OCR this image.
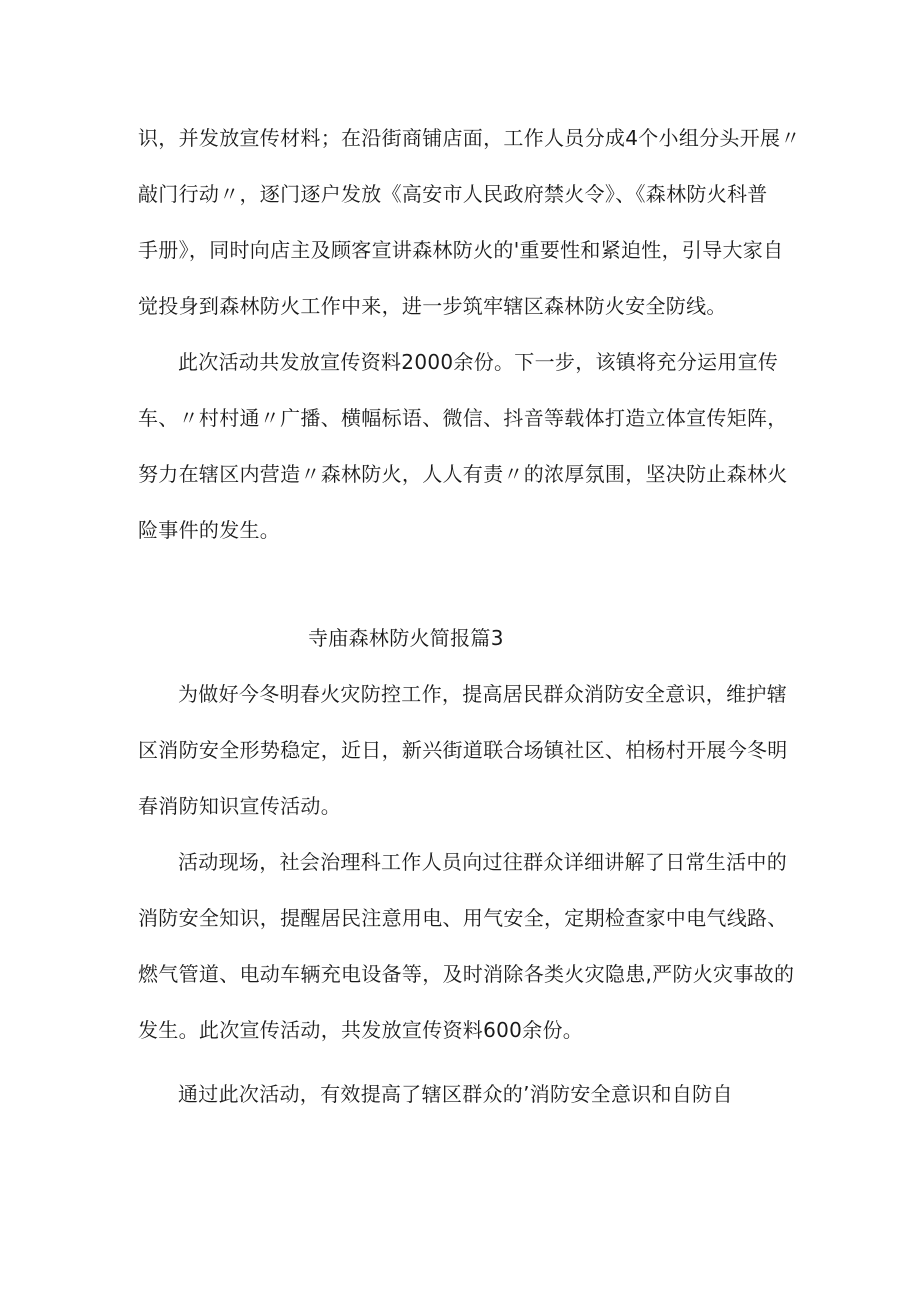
识，并发放宣传材料；在沿街商铺店面，工作人员分成4个小组分头开展〃
敲门行动〃，逐门逐户发放《高安市人民政府禁火令》、《森林防火科普
手册》，同时向店主及顾客宣讲森林防火的'重要性和紧迫性，引导大家自
觉投身到森林防火工作中来，进一步筑牢辖区森林防火安全防线。
此次活动共发放宣传资料2000余份。下一步，该镇将充分运用宣传
车、〃村村通〃广播、横幅标语、微信、抖音等载体打造立体宣传矩阵，
努力在辖区内营造〃森林防火，人人有责〃的浓厚氛围，坚决防止森林火
险事件的发生。
寺庙森林防火简报篇3
为做好今冬明春火灾防控工作，提高居民群众消防安全意识，维护辖
区消防安全形势稳定，近日，新兴街道联合场镇社区、柏杨村开展今冬明
春消防知识宣传活动。
活动现场，社会治理科工作人员向过往群众详细讲解了日常生活中的
消防安全知识，提醒居民注意用电、用气安全，定期检查家中电气线路、
燃气管道、电动车辆充电设备等，及时消除各类火灾隐患,严防火灾事故的
发生。此次宣传活动，共发放宣传资料600余份。
通过此次活动，有效提高了辖区群众的’消防安全意识和自防自
